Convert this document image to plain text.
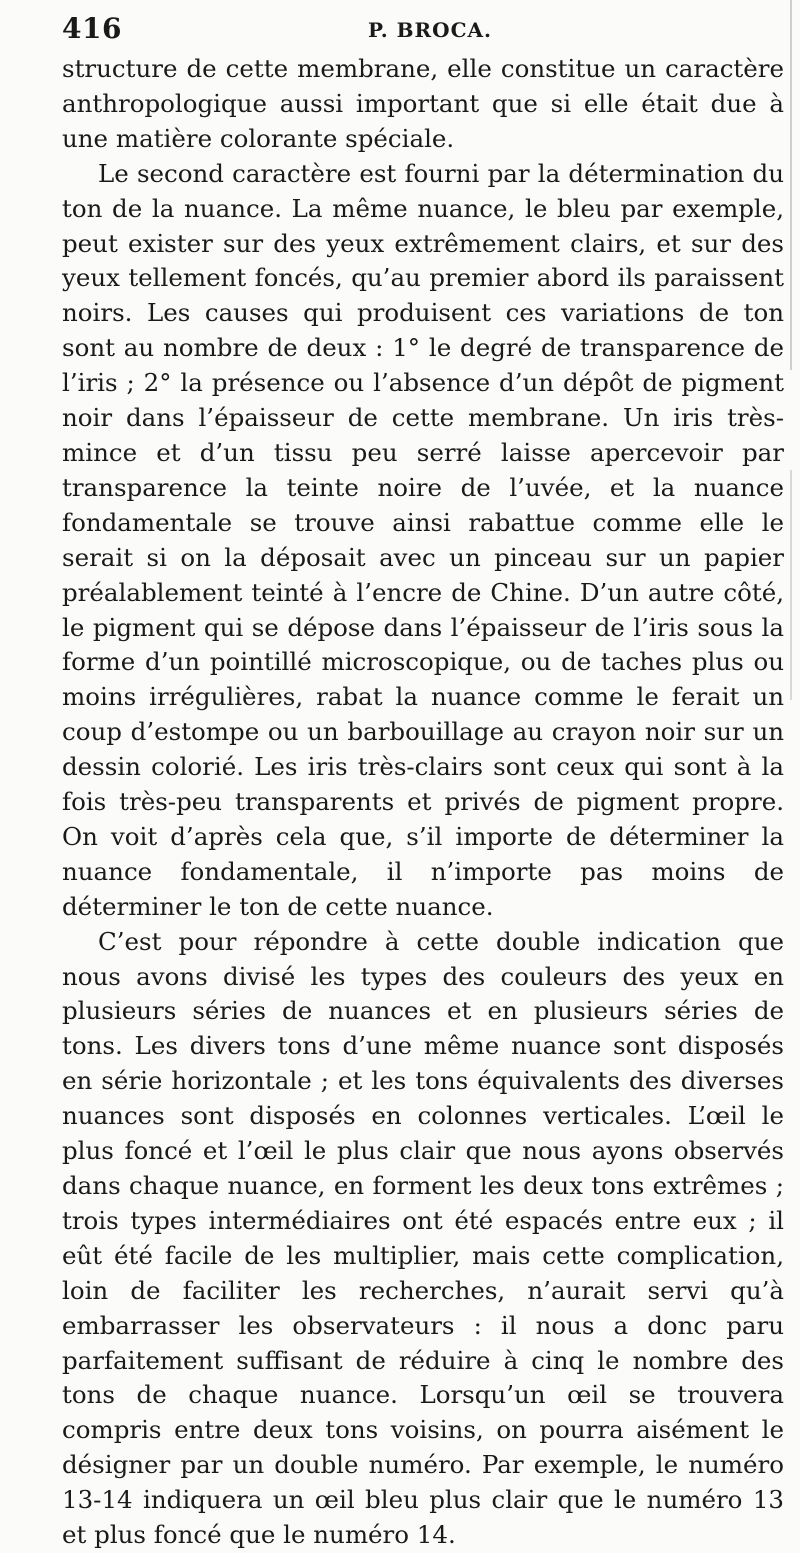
416	P. BROCA.

structure de cette membrane, elle constitue un caractère anthropologique aussi important que si elle était due à une matière colorante spéciale.

Le second caractère est fourni par la détermination du ton de la nuance. La même nuance, le bleu par exemple, peut exister sur des yeux extrêmement clairs, et sur des yeux tellement foncés, qu’au premier abord ils paraissent noirs. Les causes qui produisent ces variations de ton sont au nombre de deux : 1° le degré de transparence de l’iris ; 2° la présence ou l’absence d’un dépôt de pigment noir dans l’épaisseur de cette membrane. Un iris très-mince et d’un tissu peu serré laisse apercevoir par transparence la teinte noire de l’uvée, et la nuance fondamentale se trouve ainsi rabattue comme elle le serait si on la déposait avec un pinceau sur un papier préalablement teinté à l’encre de Chine. D’un autre côté, le pigment qui se dépose dans l’épaisseur de l’iris sous la forme d’un pointillé microscopique, ou de taches plus ou moins irrégulières, rabat la nuance comme le ferait un coup d’estompe ou un barbouillage au crayon noir sur un dessin colorié. Les iris très-clairs sont ceux qui sont à la fois très-peu transparents et privés de pigment propre. On voit d’après cela que, s’il importe de déterminer la nuance fondamentale, il n’importe pas moins de déterminer le ton de cette nuance.

C’est pour répondre à cette double indication que nous avons divisé les types des couleurs des yeux en plusieurs séries de nuances et en plusieurs séries de tons. Les divers tons d’une même nuance sont disposés en série horizontale ; et les tons équivalents des diverses nuances sont disposés en colonnes verticales. L’œil le plus foncé et l’œil le plus clair que nous ayons observés dans chaque nuance, en forment les deux tons extrêmes ; trois types intermédiaires ont été espacés entre eux ; il eût été facile de les multiplier, mais cette complication, loin de faciliter les recherches, n’aurait servi qu’à embarrasser les observateurs : il nous a donc paru parfaitement suffisant de réduire à cinq le nombre des tons de chaque nuance. Lorsqu’un œil se trouvera compris entre deux tons voisins, on pourra aisément le désigner par un double numéro. Par exemple, le numéro 13-14 indiquera un œil bleu plus clair que le numéro 13 et plus foncé que le numéro 14.
